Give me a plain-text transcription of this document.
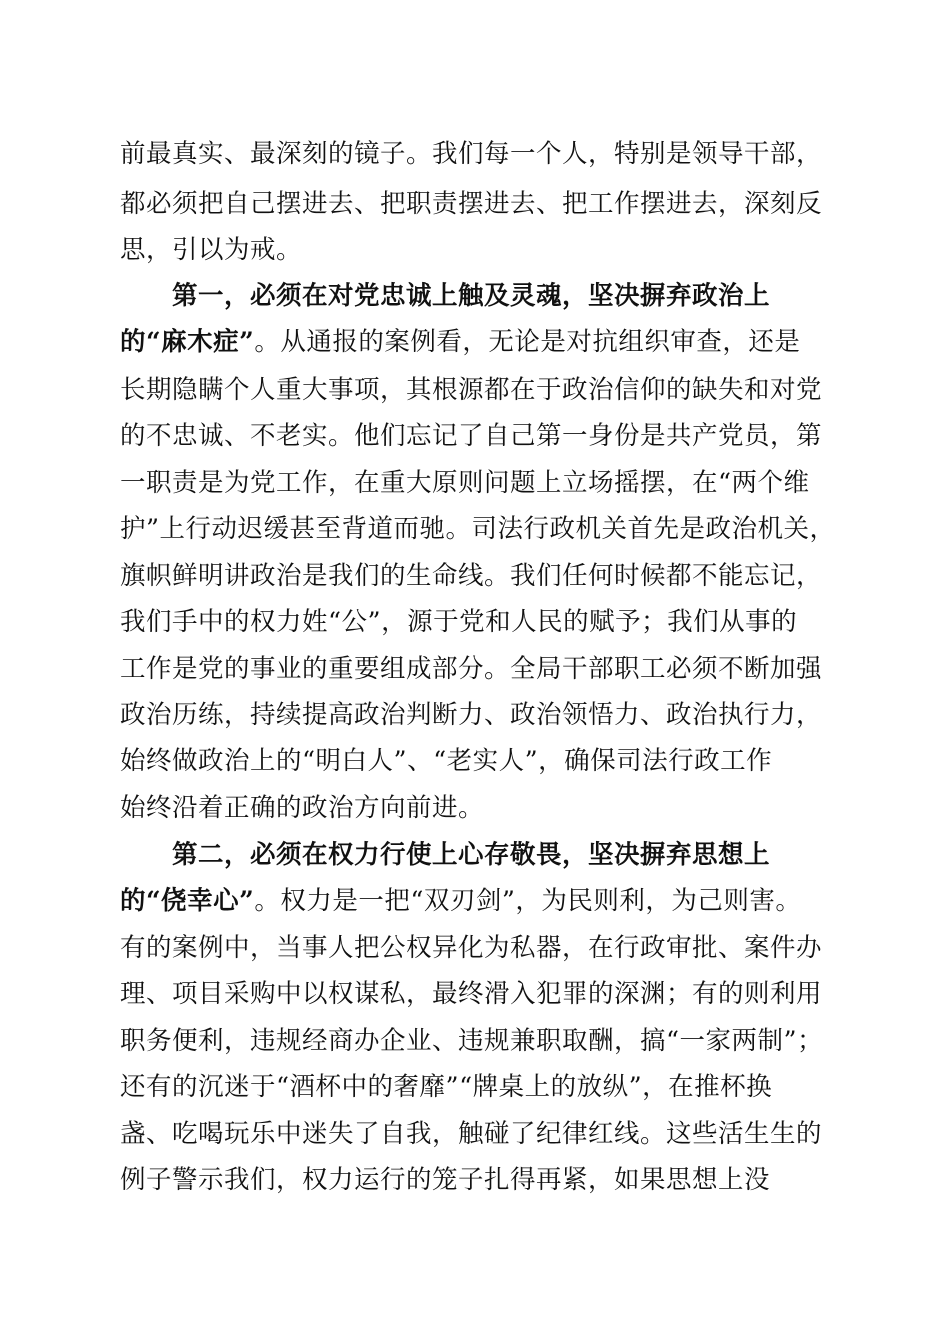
前最真实、最深刻的镜子。我们每一个人，特别是领导干部，
都必须把自己摆进去、把职责摆进去、把工作摆进去，深刻反
思，引以为戒。
第一，必须在对党忠诚上触及灵魂，坚决摒弃政治上
的“麻木症”。从通报的案例看，无论是对抗组织审查，还是
长期隐瞒个人重大事项，其根源都在于政治信仰的缺失和对党
的不忠诚、不老实。他们忘记了自己第一身份是共产党员，第
一职责是为党工作，在重大原则问题上立场摇摆，在“两个维
护”上行动迟缓甚至背道而驰。司法行政机关首先是政治机关，
旗帜鲜明讲政治是我们的生命线。我们任何时候都不能忘记，
我们手中的权力姓“公”，源于党和人民的赋予；我们从事的
工作是党的事业的重要组成部分。全局干部职工必须不断加强
政治历练，持续提高政治判断力、政治领悟力、政治执行力，
始终做政治上的“明白人”、“老实人”，确保司法行政工作
始终沿着正确的政治方向前进。
第二，必须在权力行使上心存敬畏，坚决摒弃思想上
的“侥幸心”。权力是一把“双刃剑”，为民则利，为己则害。
有的案例中，当事人把公权异化为私器，在行政审批、案件办
理、项目采购中以权谋私，最终滑入犯罪的深渊；有的则利用
职务便利，违规经商办企业、违规兼职取酬，搞“一家两制”；
还有的沉迷于“酒杯中的奢靡”“牌桌上的放纵”，在推杯换
盏、吃喝玩乐中迷失了自我，触碰了纪律红线。这些活生生的
例子警示我们，权力运行的笼子扎得再紧，如果思想上没
